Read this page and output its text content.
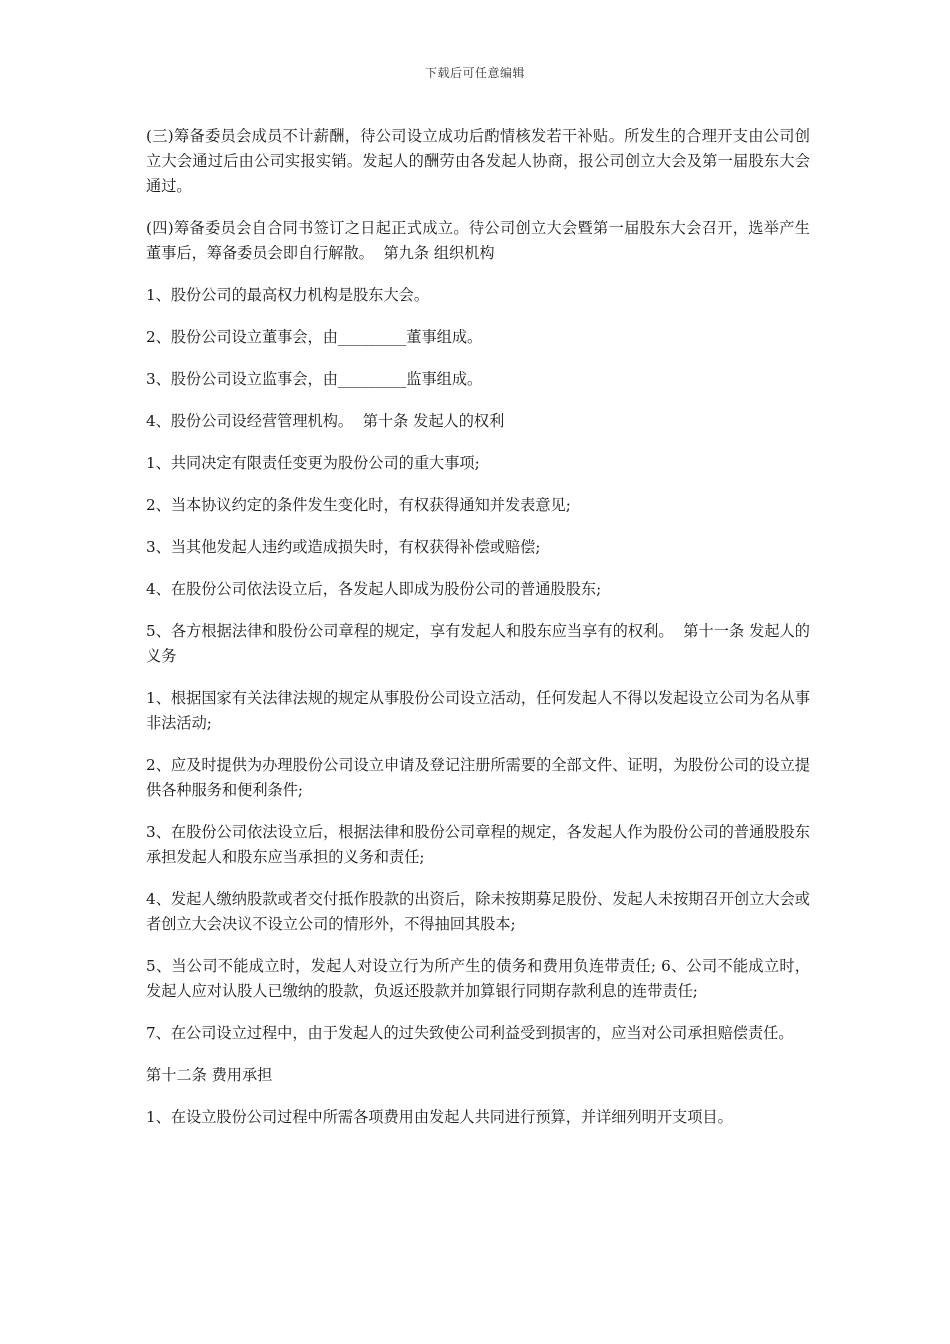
下载后可任意编辑

(三)筹备委员会成员不计薪酬，待公司设立成功后酌情核发若干补贴。所发生的合理开支由公司创立大会通过后由公司实报实销。发起人的酬劳由各发起人协商，报公司创立大会及第一届股东大会通过。

(四)筹备委员会自合同书签订之日起正式成立。待公司创立大会暨第一届股东大会召开，选举产生董事后，筹备委员会即自行解散。  第九条 组织机构

1、股份公司的最高权力机构是股东大会。

2、股份公司设立董事会，由_________董事组成。

3、股份公司设立监事会，由_________监事组成。

4、股份公司设经营管理机构。  第十条 发起人的权利

1、共同决定有限责任变更为股份公司的重大事项;

2、当本协议约定的条件发生变化时，有权获得通知并发表意见;

3、当其他发起人违约或造成损失时，有权获得补偿或赔偿;

4、在股份公司依法设立后，各发起人即成为股份公司的普通股股东;

5、各方根据法律和股份公司章程的规定，享有发起人和股东应当享有的权利。  第十一条 发起人的义务

1、根据国家有关法律法规的规定从事股份公司设立活动，任何发起人不得以发起设立公司为名从事非法活动;

2、应及时提供为办理股份公司设立申请及登记注册所需要的全部文件、证明，为股份公司的设立提供各种服务和便利条件;

3、在股份公司依法设立后，根据法律和股份公司章程的规定，各发起人作为股份公司的普通股股东承担发起人和股东应当承担的义务和责任;

4、发起人缴纳股款或者交付抵作股款的出资后，除未按期募足股份、发起人未按期召开创立大会或者创立大会决议不设立公司的情形外，不得抽回其股本;

5、当公司不能成立时，发起人对设立行为所产生的债务和费用负连带责任; 6、公司不能成立时，发起人应对认股人已缴纳的股款，负返还股款并加算银行同期存款利息的连带责任;

7、在公司设立过程中，由于发起人的过失致使公司利益受到损害的，应当对公司承担赔偿责任。

第十二条 费用承担

1、在设立股份公司过程中所需各项费用由发起人共同进行预算，并详细列明开支项目。
